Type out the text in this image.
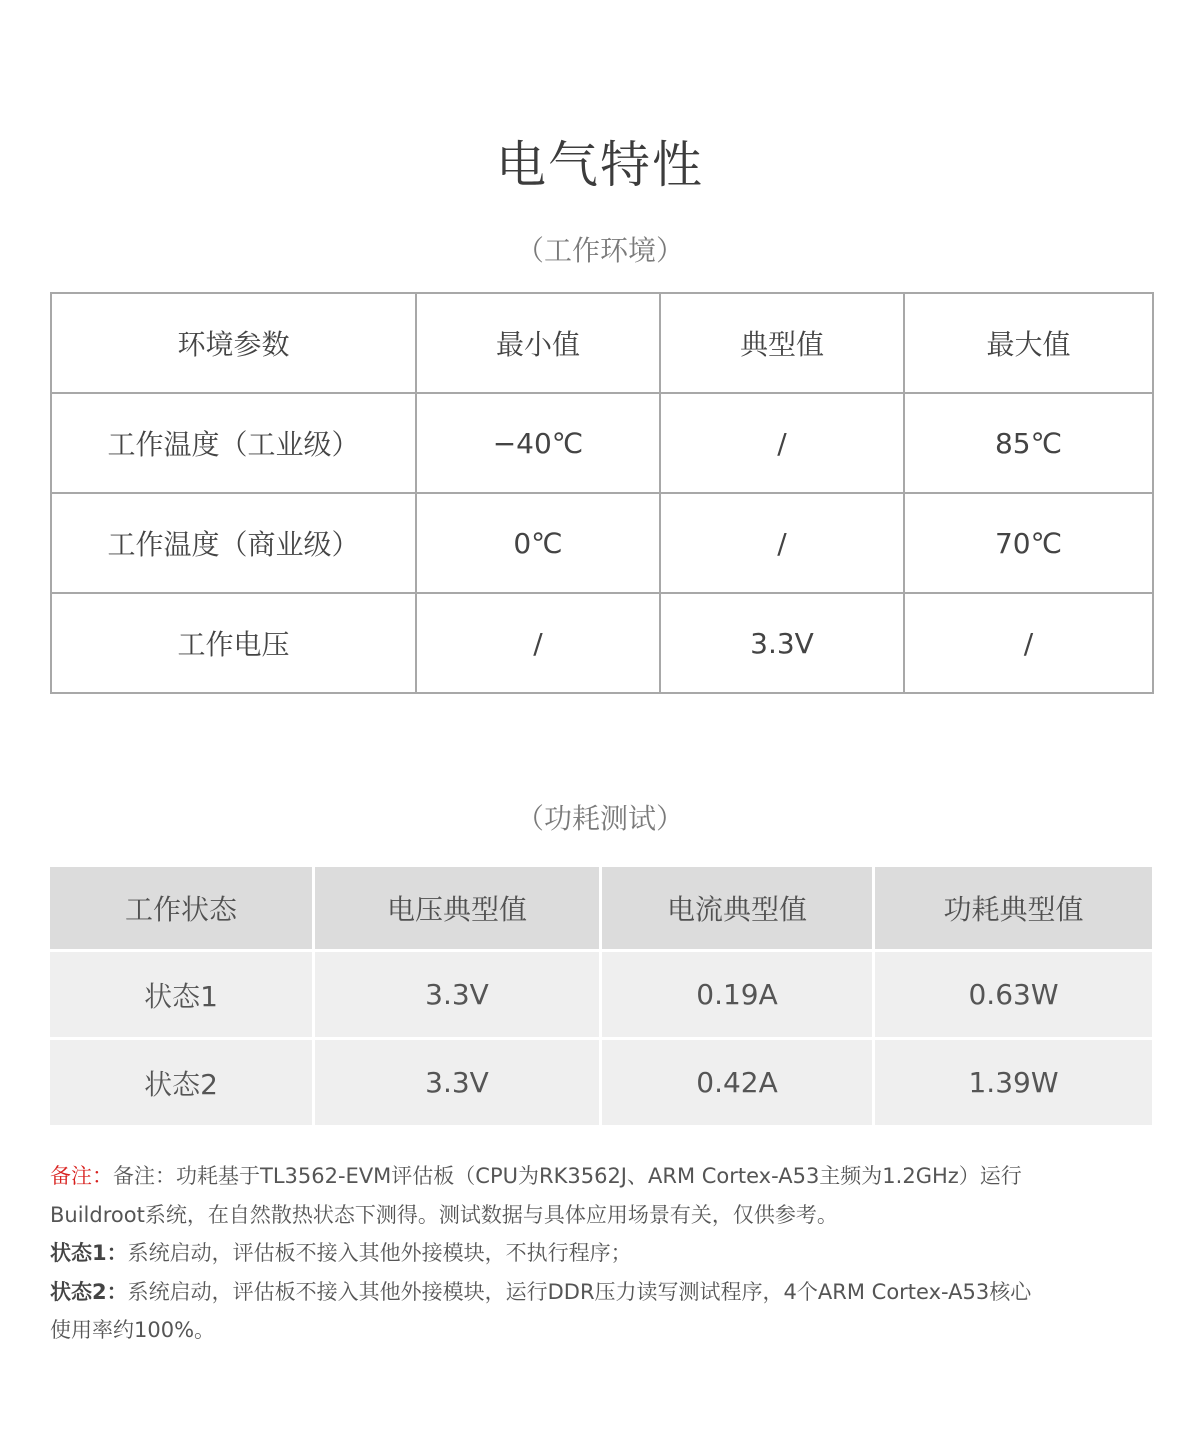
电气特性
（工作环境）
环境参数	最小值	典型值	最大值
工作温度（工业级）	−40℃	/	85℃
工作温度（商业级）	0℃	/	70℃
工作电压	/	3.3V	/
（功耗测试）
工作状态	电压典型值	电流典型值	功耗典型值
状态1	3.3V	0.19A	0.63W
状态2	3.3V	0.42A	1.39W

备注：备注：功耗基于TL3562-EVM评估板（CPU为RK3562J、ARM Cortex-A53主频为1.2GHz）运行

Buildroot系统，在自然散热状态下测得。测试数据与具体应用场景有关，仅供参考。

状态1：系统启动，评估板不接入其他外接模块，不执行程序；

状态2：系统启动，评估板不接入其他外接模块，运行DDR压力读写测试程序，4个ARM Cortex-A53核心

使用率约100%。
